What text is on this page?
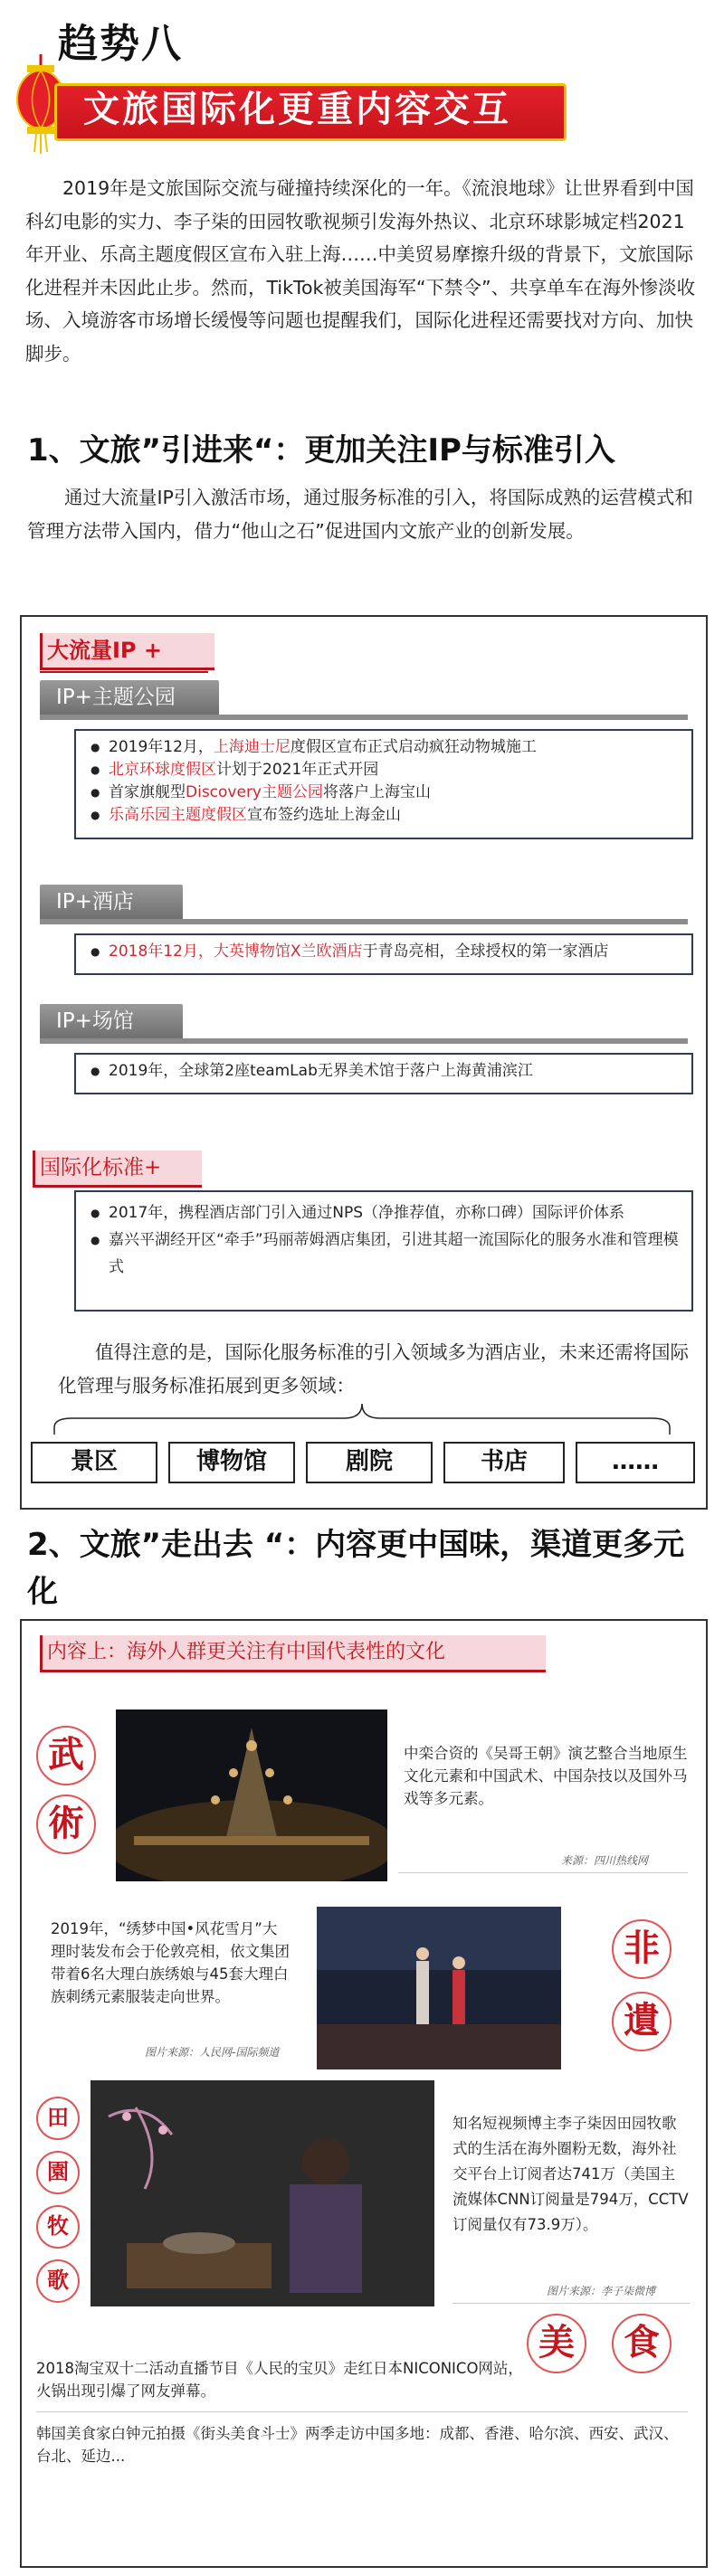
趋势八
文旅国际化更重内容交互
2019年是文旅国际交流与碰撞持续深化的一年。《流浪地球》让世界看到中国科幻电影的实力、李子柒的田园牧歌视频引发海外热议、北京环球影城定档2021年开业、乐高主题度假区宣布入驻上海……中美贸易摩擦升级的背景下，文旅国际化进程并未因此止步。然而，TikTok被美国海军“下禁令”、共享单车在海外惨淡收场、入境游客市场增长缓慢等问题也提醒我们，国际化进程还需要找对方向、加快脚步。
1、文旅”引进来“：更加关注IP与标准引入
通过大流量IP引入激活市场，通过服务标准的引入，将国际成熟的运营模式和管理方法带入国内，借力“他山之石”促进国内文旅产业的创新发展。
大流量IP +
IP+主题公园
● 2019年12月，上海迪士尼度假区宣布正式启动疯狂动物城施工
● 北京环球度假区计划于2021年正式开园
● 首家旗舰型Discovery主题公园将落户上海宝山
● 乐高乐园主题度假区宣布签约选址上海金山
IP+酒店
● 2018年12月，大英博物馆X兰欧酒店于青岛亮相，全球授权的第一家酒店
IP+场馆
● 2019年，全球第2座teamLab无界美术馆于落户上海黄浦滨江
国际化标准+
● 2017年，携程酒店部门引入通过NPS（净推荐值，亦称口碑）国际评价体系
● 嘉兴平湖经开区“牵手”玛丽蒂姆酒店集团，引进其超一流国际化的服务水准和管理模式
值得注意的是，国际化服务标准的引入领域多为酒店业，未来还需将国际化管理与服务标准拓展到更多领域：
景区	博物馆	剧院	书店	……
2、文旅”走出去 “：内容更中国味，渠道更多元化
内容上：海外人群更关注有中国代表性的文化
武
術
中栾合资的《吴哥王朝》演艺整合当地原生文化元素和中国武术、中国杂技以及国外马戏等多元素。
来源：四川热线网
2019年，“绣梦中国•风花雪月”大理时装发布会于伦敦亮相，依文集团带着6名大理白族绣娘与45套大理白族刺绣元素服装走向世界。
图片来源：人民网-国际频道
非
遺
田
園
牧
歌
知名短视频博主李子柒因田园牧歌式的生活在海外圈粉无数，海外社交平台上订阅者达741万（美国主流媒体CNN订阅量是794万，CCTV订阅量仅有73.9万）。
图片来源：李子柒微博
美	食
2018淘宝双十二活动直播节目《人民的宝贝》走红日本NICONICO网站，火锅出现引爆了网友弹幕。
韩国美食家白钟元拍摄《街头美食斗士》两季走访中国多地：成都、香港、哈尔滨、西安、武汉、台北、延边...
